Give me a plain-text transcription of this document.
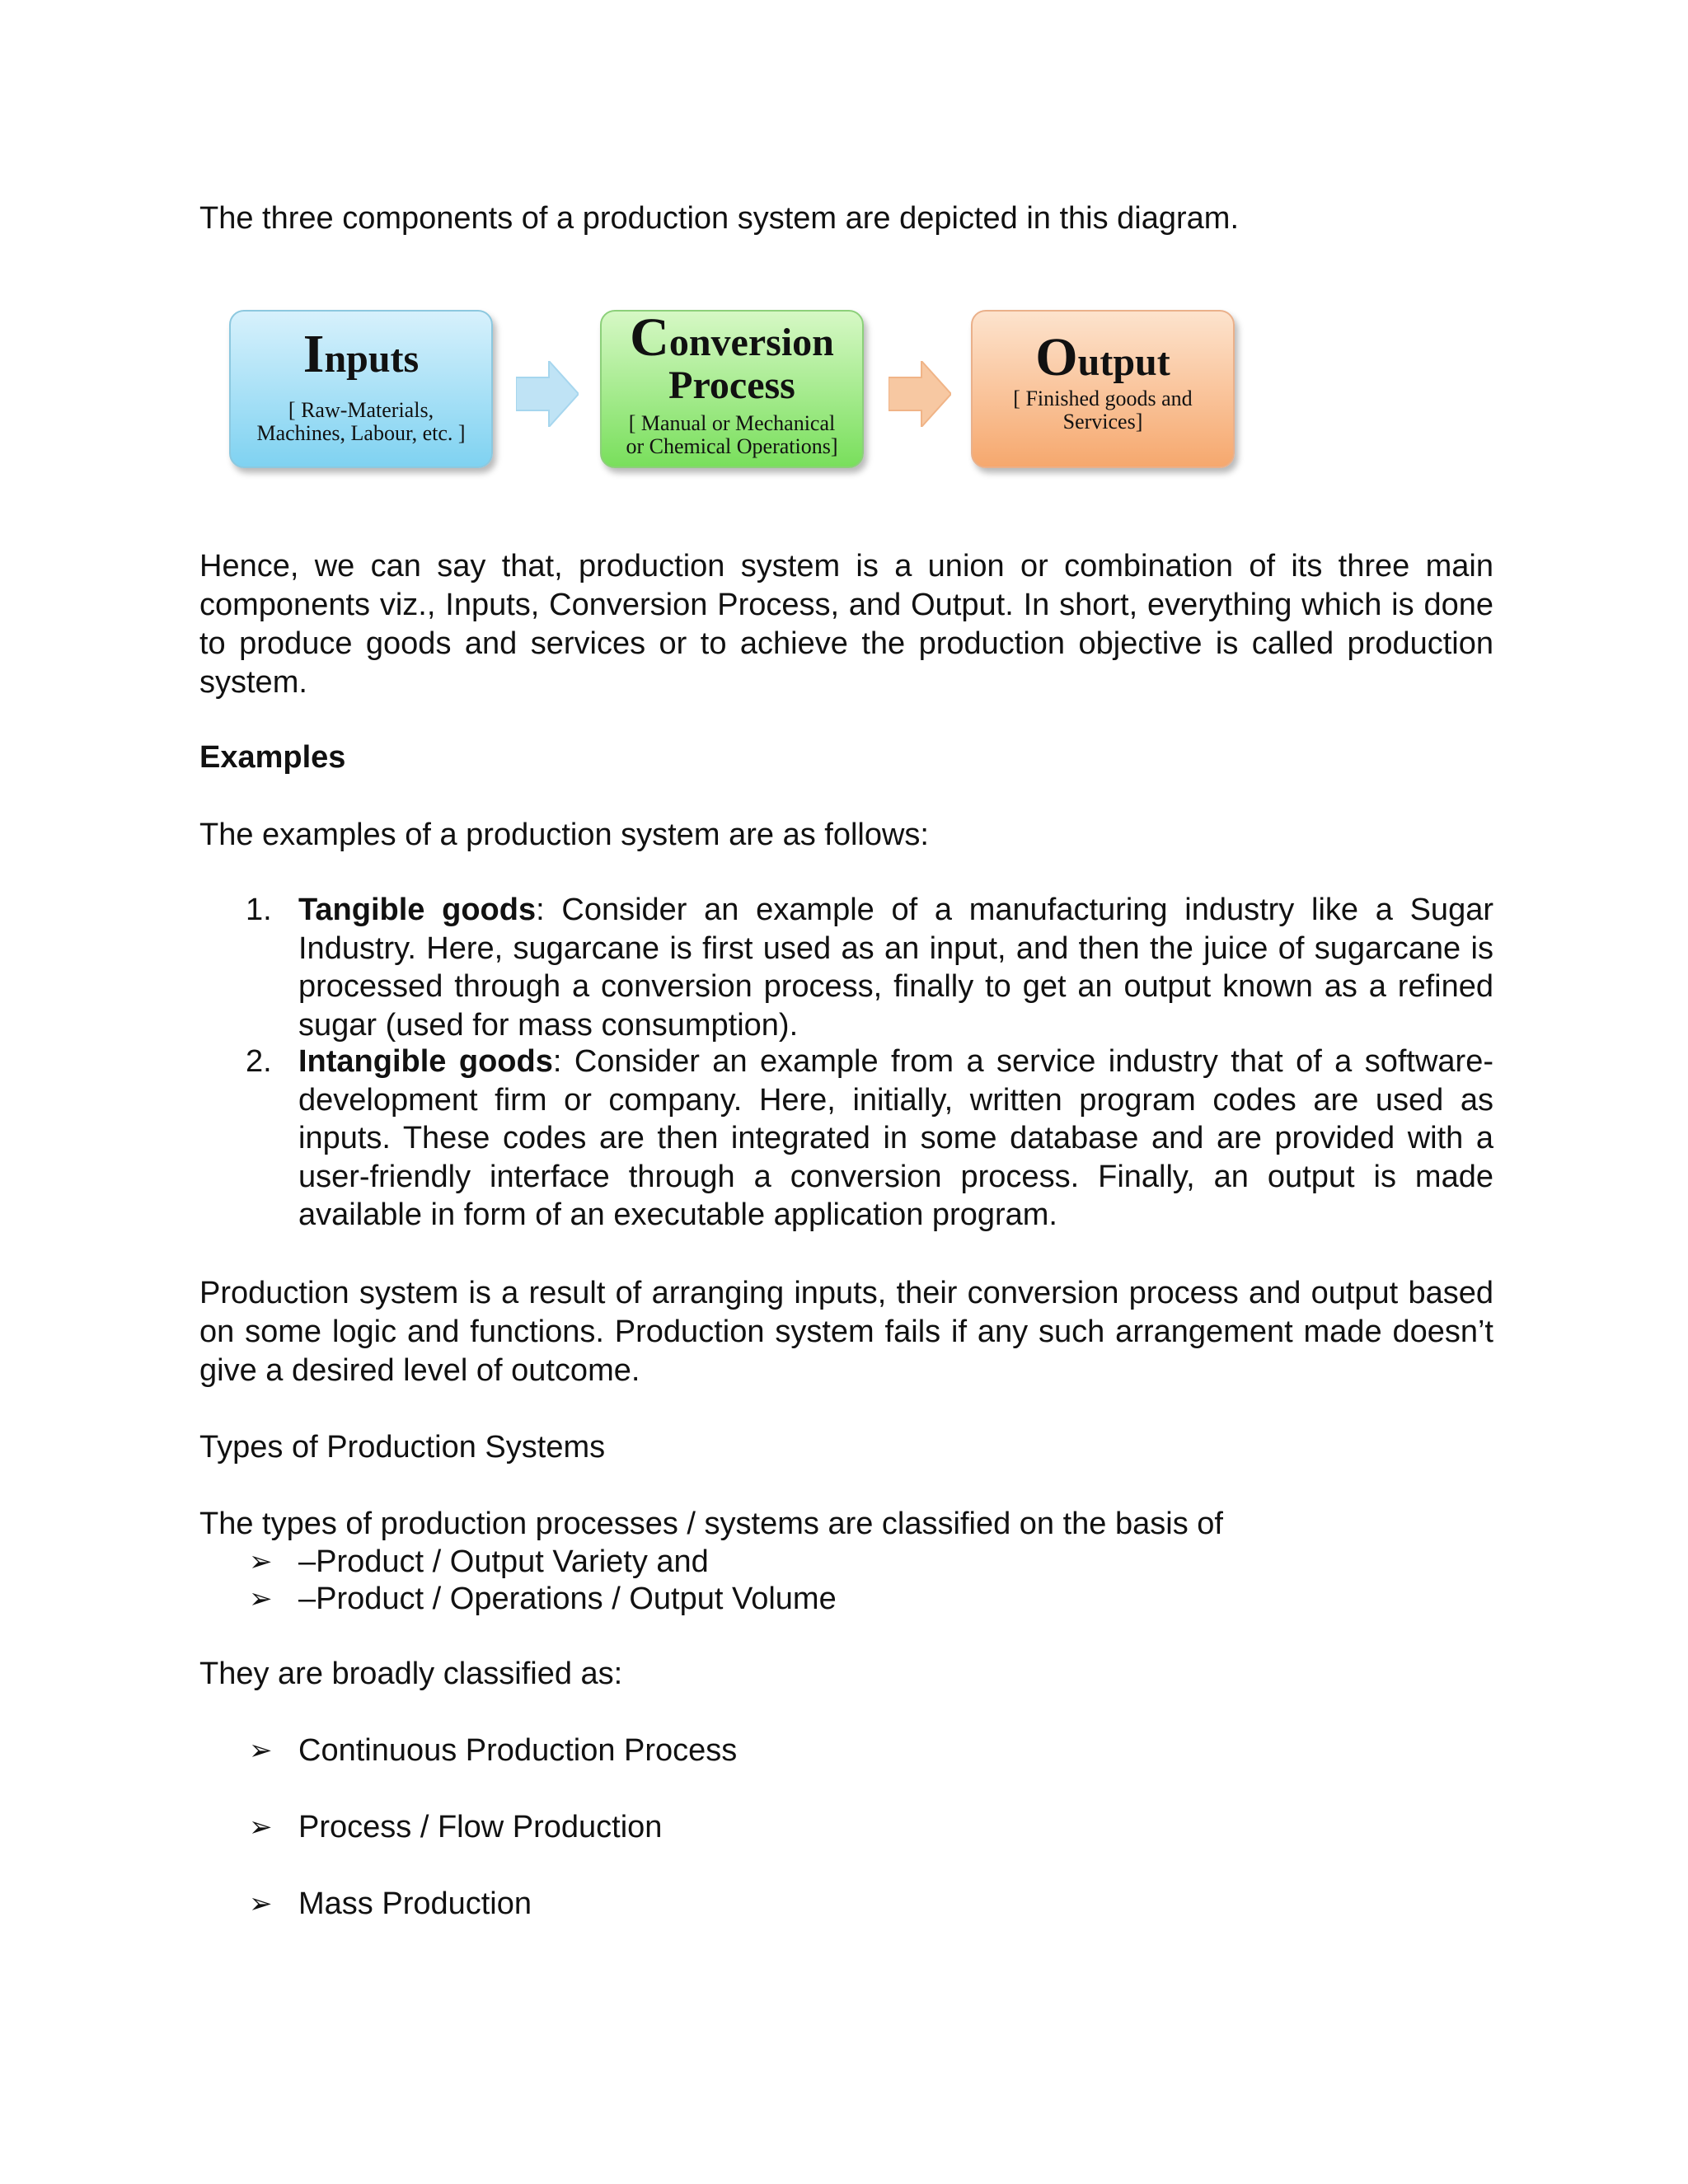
The three components of a production system are depicted in this diagram.
Inputs
[ Raw-Materials,
Machines, Labour, etc. ]
Conversion
Process
[ Manual or Mechanical
or Chemical Operations]
Output
[ Finished goods and
Services]
Hence, we can say that, production system is a union or combination of its three main components viz., Inputs, Conversion Process, and Output. In short, everything which is done to produce goods and services or to achieve the production objective is called production system.
Examples
The examples of a production system are as follows:
1. Tangible goods: Consider an example of a manufacturing industry like a Sugar Industry. Here, sugarcane is first used as an input, and then the juice of sugarcane is processed through a conversion process, finally to get an output known as a refined sugar (used for mass consumption).
2. Intangible goods: Consider an example from a service industry that of a software-development firm or company. Here, initially, written program codes are used as inputs. These codes are then integrated in some database and are provided with a user-friendly interface through a conversion process. Finally, an output is made available in form of an executable application program.
Production system is a result of arranging inputs, their conversion process and output based on some logic and functions. Production system fails if any such arrangement made doesn’t give a desired level of outcome.
Types of Production Systems
The types of production processes / systems are classified on the basis of
➢ –Product / Output Variety and
➢ –Product / Operations / Output Volume
They are broadly classified as:
➢ Continuous Production Process
➢ Process / Flow Production
➢ Mass Production
